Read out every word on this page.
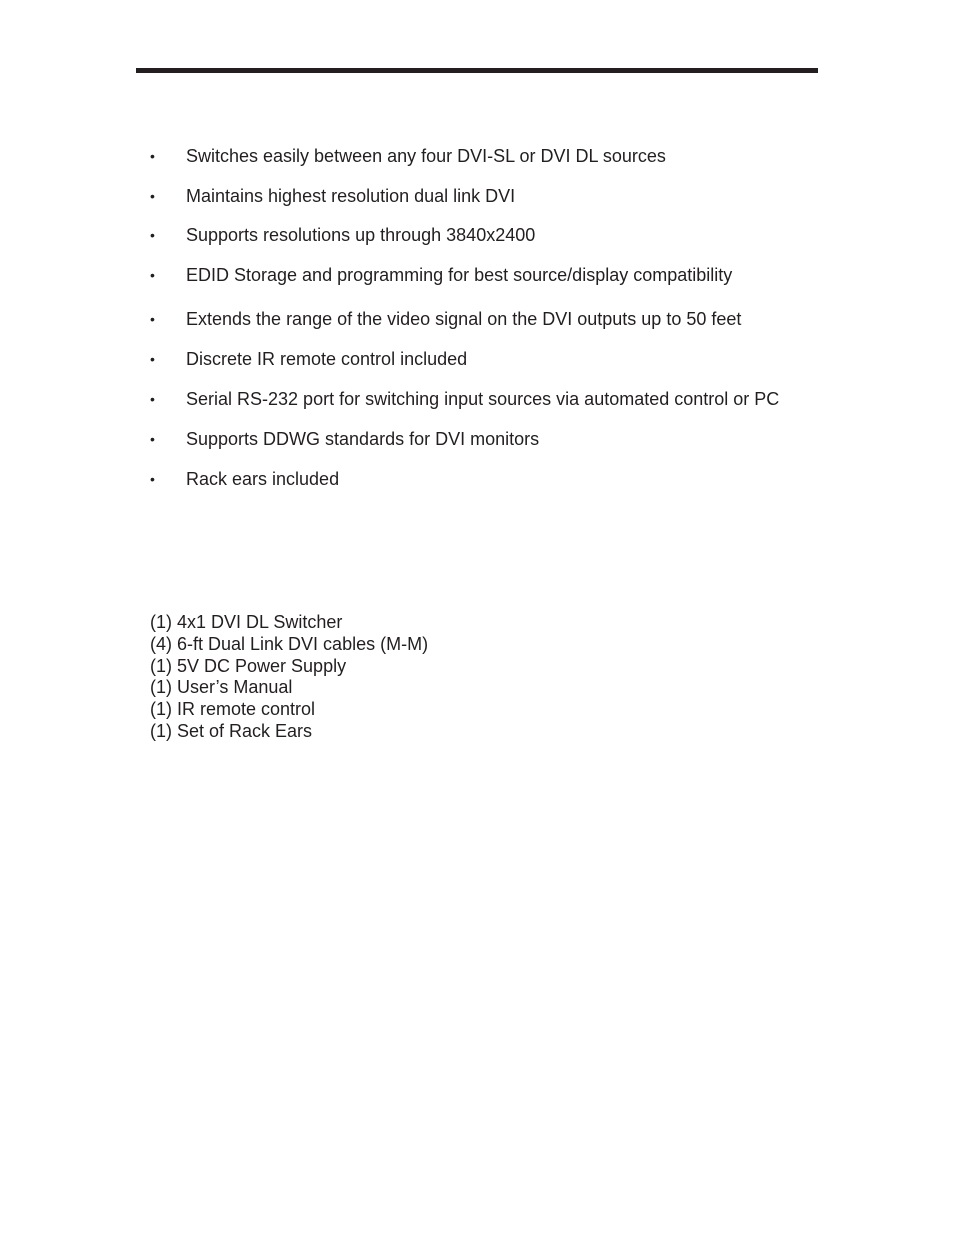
• Switches easily between any four DVI-SL or DVI DL sources
• Maintains highest resolution dual link DVI
• Supports resolutions up through 3840x2400
• EDID Storage and programming for best source/display compatibility
• Extends the range of the video signal on the DVI outputs up to 50 feet
• Discrete IR remote control included
• Serial RS-232 port for switching input sources via automated control or PC
• Supports DDWG standards for DVI monitors
• Rack ears included
(1) 4x1 DVI DL Switcher
(4) 6-ft Dual Link DVI cables (M-M)
(1) 5V DC Power Supply
(1) User’s Manual
(1) IR remote control
(1) Set of Rack Ears
